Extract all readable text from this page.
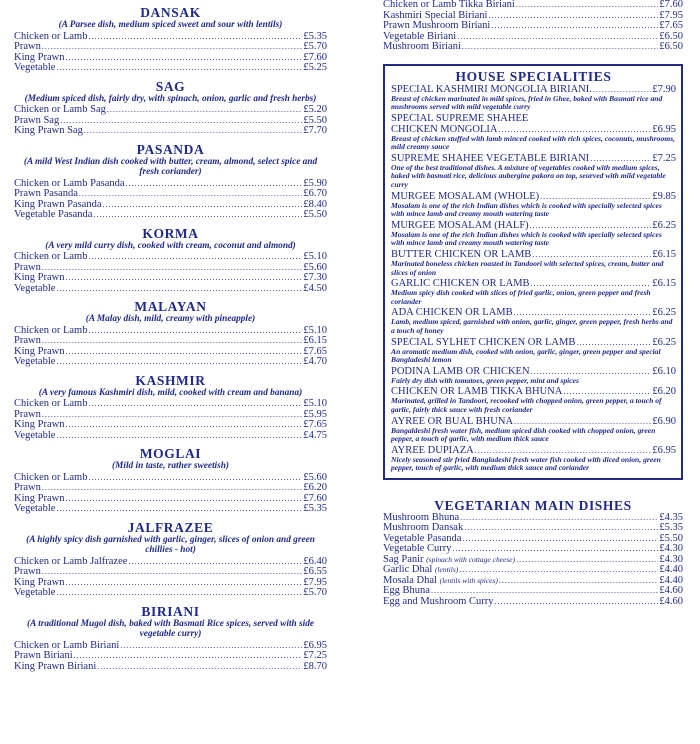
DANSAK
(A Parsee dish, medium spiced sweet and sour with lentils)
Chicken or Lamb .....	£5.35
Prawn .....	£5.70
King Prawn .....	£7.60
Vegetable .....	£5.25
SAG
(Medium spiced dish, fairly dry, with spinach, onion, garlic and fresh herbs)
Chicken or Lamb Sag .....	£5.20
Prawn Sag .....	£5.50
King Prawn Sag .....	£7.70
PASANDA
(A mild West Indian dish cooked with butter, cream, almond, select spice and fresh coriander)
Chicken or Lamb Pasanda .....	£5.90
Prawn Pasanda .....	£6.70
King Prawn Pasanda .....	£8.40
Vegetable Pasanda .....	£5.50
KORMA
(A very mild curry dish, cooked with cream, coconut and almond)
Chicken or Lamb .....	£5.10
Prawn .....	£5.60
King Prawn .....	£7.30
Vegetable .....	£4.50
MALAYAN
(A Malay dish, mild, creamy with pineapple)
Chicken or Lamb .....	£5.10
Prawn .....	£6.15
King Prawn .....	£7.65
Vegetable .....	£4.70
KASHMIR
(A very famous Kashmiri dish, mild, cooked with cream and banana)
Chicken or Lamb .....	£5.10
Prawn .....	£5.95
King Prawn .....	£7.65
Vegetable .....	£4.75
MOGLAI
(Mild in taste, rather sweetish)
Chicken or Lamb .....	£5.60
Prawn .....	£6.20
King Prawn .....	£7.60
Vegetable .....	£5.35
JALFRAZEE
(A highly spicy dish garnished with garlic, ginger, slices of onion and green chillies - hot)
Chicken or Lamb Jalfrazee .....	£6.40
Prawn .....	£6.55
King Prawn .....	£7.95
Vegetable .....	£5.70
BIRIANI
(A traditional Mugol dish, baked with Basmati Rice spices, served with side vegetable curry)
Chicken or Lamb Biriani .....	£6.95
Prawn Biriani .....	£7.25
King Prawn Biriani .....	£8.70
Chicken or Lamb Tikka Biriani .....	£7.60
Kashmiri Special Biriani .....	£7.95
Prawn Mushroom Biriani .....	£7.65
Vegetable Biriani .....	£6.50
Mushroom Biriani .....	£6.50
HOUSE SPECIALITIES
SPECIAL KASHMIRI MONGOLIA BIRIANI. .....	£7.90
Breast of chicken marinated in mild spices, fried in Ghee, baked with Basmati rice and mushrooms served with mild vegetable curry
SPECIAL SUPREME SHAHEE
CHICKEN MONGOLIA .....	£6.95
Breast of chicken stuffed with lamb minced cooked with rich spices, coconuts, mushrooms, mild creamy sauce
SUPREME SHAHEE VEGETABLE BIRIANI .....	£7.25
One of the best traditional dishes. A mixture of vegetables cooked with medium spices, baked with basmati rice, delicious aubergine pakora on top, seurved with mild vegetable curry
MURGEE MOSALAM (WHOLE) .....	£9.85
Mosalam is one of the rich Indian dishes which is cooked with specially selected spices with mince lamb and creamy mouth watering taste
MURGEE MOSALAM (HALF) .....	£6.25
Mosalam is one of the rich Indian dishes which is cooked with specially selected spices with mince lamb and creamy mouth watering taste
BUTTER CHICKEN OR LAMB .....	£6.15
Marinated boneless chicken roasted in Tandoori with selected spices, cream, butter and slices of onion
GARLIC CHICKEN OR LAMB .....	£6.15
Medium spicy dish cooked with slices of fried garlic, onion, green pepper and fresh coriander
ADA CHICKEN OR LAMB .....	£6.25
Lamb, medium spiced, garnished with onion, garlic, ginger, green pepper, fresh herbs and a touch of honey
SPECIAL SYLHET CHICKEN OR LAMB .....	£6.25
An aromatic medium dish, cooked with onion, garlic, ginger, green pepper and special Bangladeshi lemon
PODINA LAMB OR CHICKEN .....	£6.10
Fairly dry dish with tomatoes, green pepper, mint and spices
CHICKEN OR LAMB TIKKA BHUNA .....	£6.20
Marinated, grilled in Tandoori, recooked with chopped onion, green pepper, a touch of garlic, fairly thick sauce with fresh coriander
AYREE OR BUAL BHUNA .....	£6.90
Bangaldeshi fresh water fish, medium spiced dish cooked with chopped onion, green pepper, a touch of garlic, with medium thick sauce
AYREE DUPIAZA .....	£6.95
Nicely seasoned stir fried Bangladeshi fresh water fish cooked with diced onion, green pepper, touch of garlic, with medium thick sauce and coriander
VEGETARIAN MAIN DISHES
Mushroom Bhuna .....	£4.35
Mushroom Dansak .....	£5.35
Vegetable Pasanda .....	£5.50
Vegetable Curry .....	£4.30
Sag Panir (spinach with cottage cheese) .....	£4.30
Garlic Dhal (lentils) .....	£4.40
Mosala Dhal (lentils with spices) .....	£4.40
Egg Bhuna .....	£4.60
Egg and Mushroom Curry .....	£4.60
